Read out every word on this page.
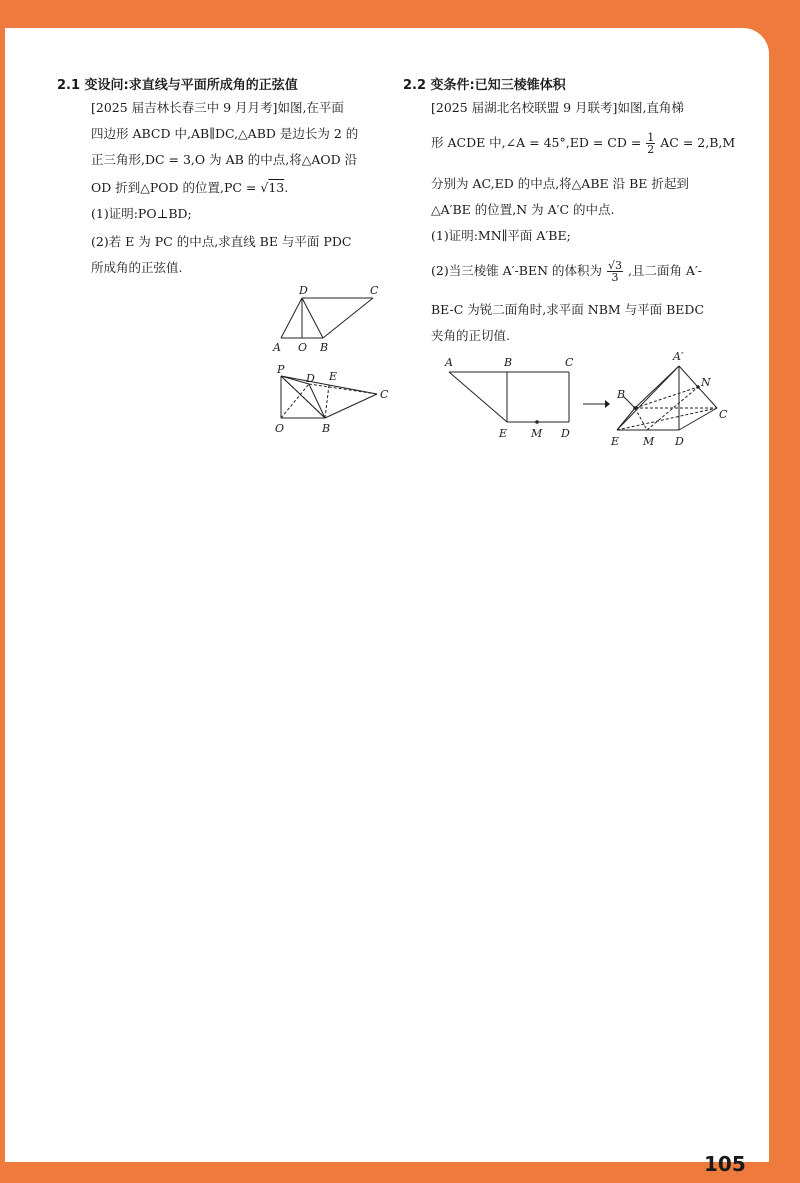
2.1 变设问:求直线与平面所成角的正弦值
[2025 届吉林长春三中 9 月月考]如图,在平面
四边形 ABCD 中,AB∥DC,△ABD 是边长为 2 的
正三角形,DC = 3,O 为 AB 的中点,将△AOD 沿
OD 折到△POD 的位置,PC = √13.
(1)证明:PO⊥BD;
(2)若 E 为 PC 的中点,求直线 BE 与平面 PDC
所成角的正弦值.
D	C
A O B
P
D E
C
O	B
2.2 变条件:已知三棱锥体积
[2025 届湖北名校联盟 9 月联考]如图,直角梯
形 ACDE 中,∠A = 45°,ED = CD = $\frac{1}{2}$ AC = 2,B,M
分别为 AC,ED 的中点,将△ABE 沿 BE 折起到
△A′BE 的位置,N 为 A′C 的中点.
(1)证明:MN∥平面 A′BE;
(2)当三棱锥 A′-BEN 的体积为 $\frac{√3}{3}$ ,且二面角 A′-
BE-C 为锐二面角时,求平面 NBM 与平面 BEDC
夹角的正切值.
A	B	C
E M D
A′
N
B
C
E M D
105
